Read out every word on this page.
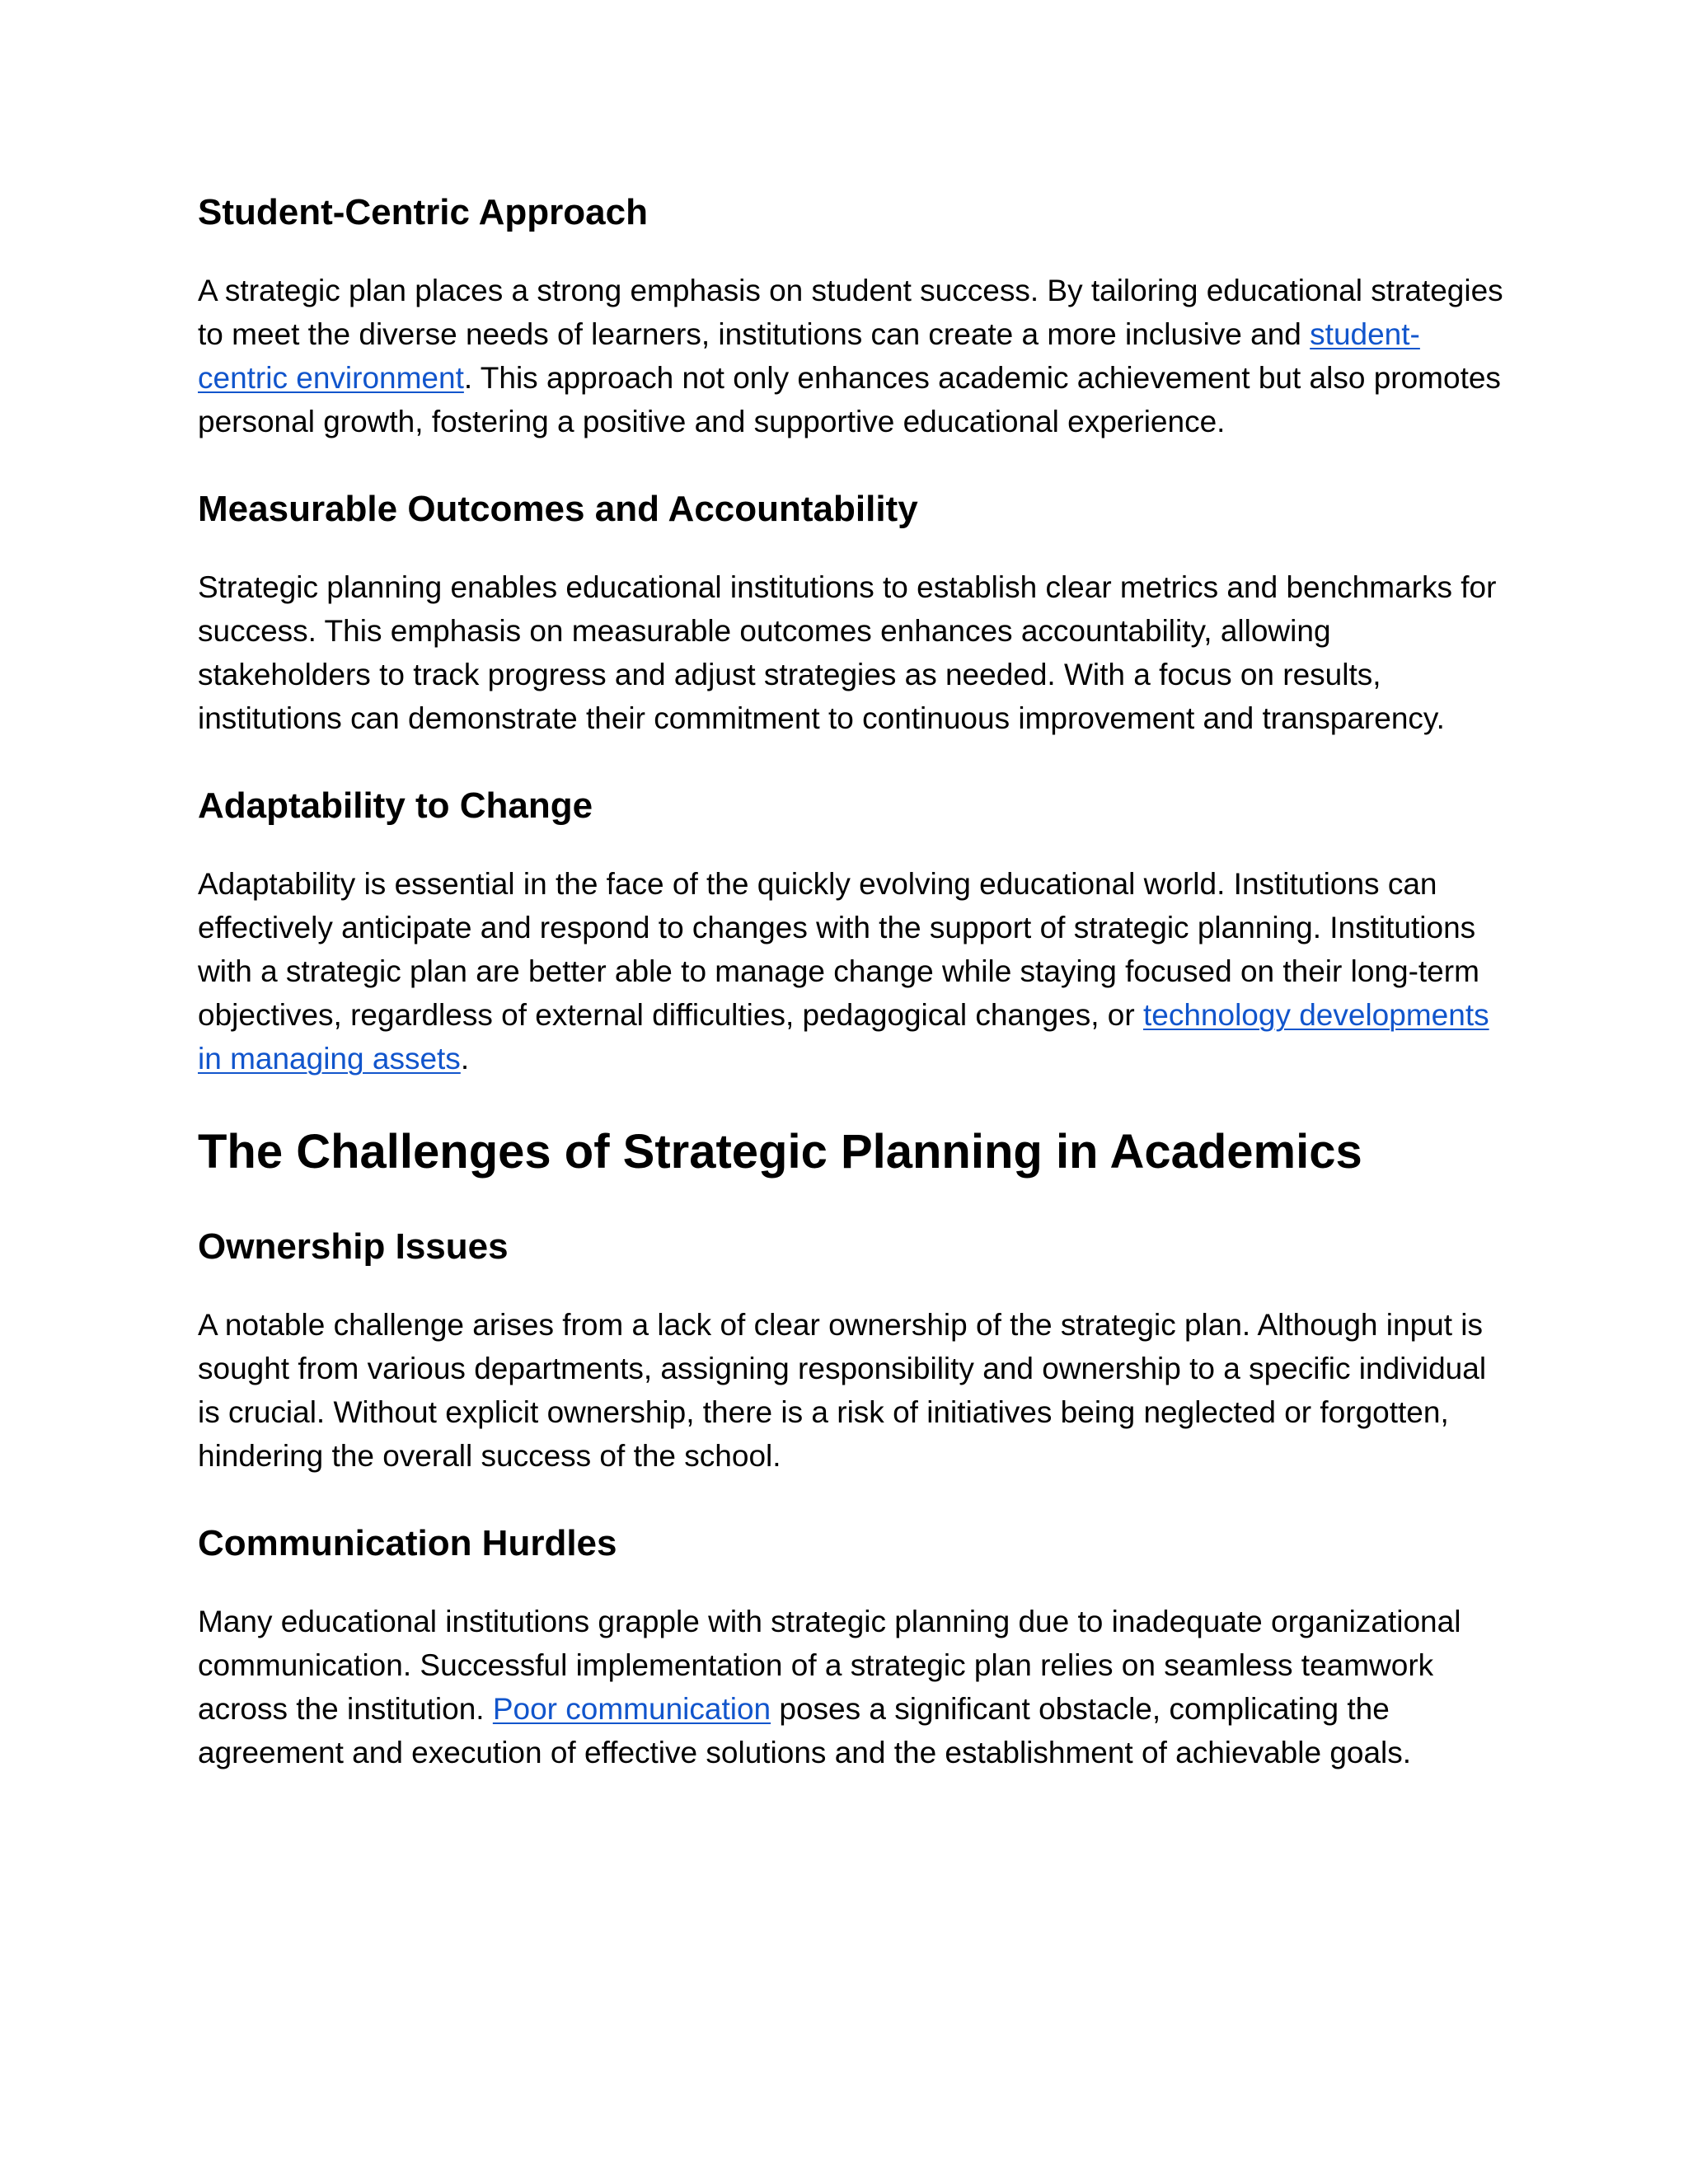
Student-Centric Approach

A strategic plan places a strong emphasis on student success. By tailoring educational strategies to meet the diverse needs of learners, institutions can create a more inclusive and student-centric environment. This approach not only enhances academic achievement but also promotes personal growth, fostering a positive and supportive educational experience.

Measurable Outcomes and Accountability

Strategic planning enables educational institutions to establish clear metrics and benchmarks for success. This emphasis on measurable outcomes enhances accountability, allowing stakeholders to track progress and adjust strategies as needed. With a focus on results, institutions can demonstrate their commitment to continuous improvement and transparency.

Adaptability to Change

Adaptability is essential in the face of the quickly evolving educational world. Institutions can effectively anticipate and respond to changes with the support of strategic planning. Institutions with a strategic plan are better able to manage change while staying focused on their long-term objectives, regardless of external difficulties, pedagogical changes, or technology developments in managing assets.

The Challenges of Strategic Planning in Academics
Ownership Issues

A notable challenge arises from a lack of clear ownership of the strategic plan. Although input is sought from various departments, assigning responsibility and ownership to a specific individual is crucial. Without explicit ownership, there is a risk of initiatives being neglected or forgotten, hindering the overall success of the school.

Communication Hurdles

Many educational institutions grapple with strategic planning due to inadequate organizational communication. Successful implementation of a strategic plan relies on seamless teamwork across the institution. Poor communication poses a significant obstacle, complicating the agreement and execution of effective solutions and the establishment of achievable goals.
